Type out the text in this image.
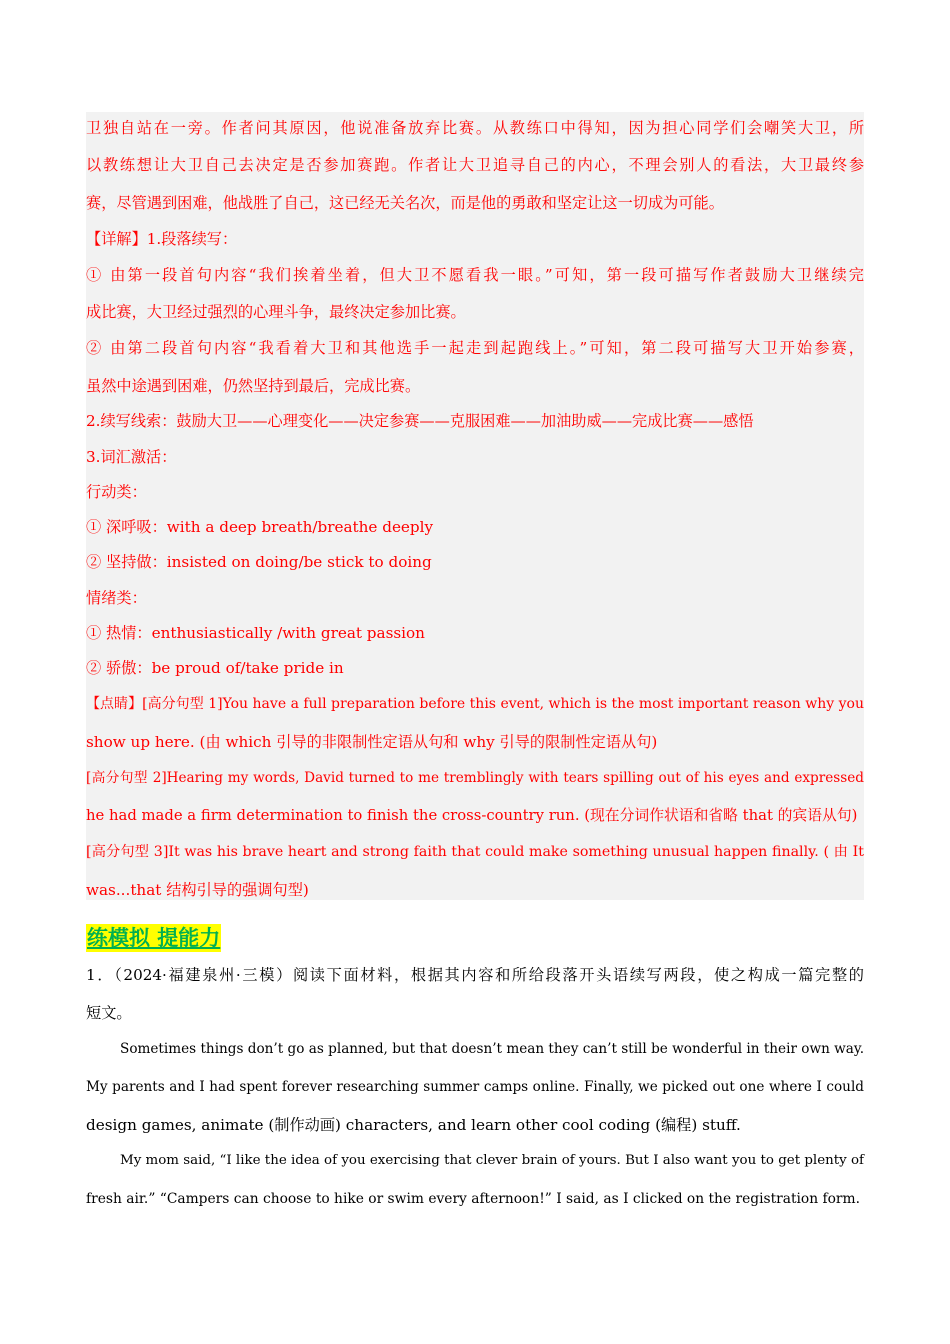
卫独自站在一旁。作者问其原因，他说准备放弃比赛。从教练口中得知，因为担心同学们会嘲笑大卫，所
以教练想让大卫自己去决定是否参加赛跑。作者让大卫追寻自己的内心，不理会别人的看法，大卫最终参
赛，尽管遇到困难，他战胜了自己，这已经无关名次，而是他的勇敢和坚定让这一切成为可能。
【详解】1.段落续写：
① 由第一段首句内容“我们挨着坐着，但大卫不愿看我一眼。”可知，第一段可描写作者鼓励大卫继续完
成比赛，大卫经过强烈的心理斗争，最终决定参加比赛。
② 由第二段首句内容“我看着大卫和其他选手一起走到起跑线上。”可知，第二段可描写大卫开始参赛，
虽然中途遇到困难，仍然坚持到最后，完成比赛。
2.续写线索：鼓励大卫——心理变化——决定参赛——克服困难——加油助威——完成比赛——感悟
3.词汇激活：
行动类：
① 深呼吸：with a deep breath/breathe deeply
② 坚持做：insisted on doing/be stick to doing
情绪类：
① 热情：enthusiastically /with great passion
② 骄傲：be proud of/take pride in
【点睛】[高分句型 1]You have a full preparation before this event, which is the most important reason why you
show up here. (由 which 引导的非限制性定语从句和 why 引导的限制性定语从句)
[高分句型 2]Hearing my words, David turned to me tremblingly with tears spilling out of his eyes and expressed
he had made a firm determination to finish the cross-country run. (现在分词作状语和省略 that 的宾语从句)
[高分句型 3]It was his brave heart and strong faith that could make something unusual happen finally. ( 由 It
was...that 结构引导的强调句型)
练模拟 提能力
1．（2024·福建泉州·三模）阅读下面材料，根据其内容和所给段落开头语续写两段，使之构成一篇完整的
短文。
Sometimes things don’t go as planned, but that doesn’t mean they can’t still be wonderful in their own way.
My parents and I had spent forever researching summer camps online. Finally, we picked out one where I could
design games, animate (制作动画) characters, and learn other cool coding (编程) stuff.
My mom said, “I like the idea of you exercising that clever brain of yours. But I also want you to get plenty of
fresh air.” “Campers can choose to hike or swim every afternoon!” I said, as I clicked on the registration form.
